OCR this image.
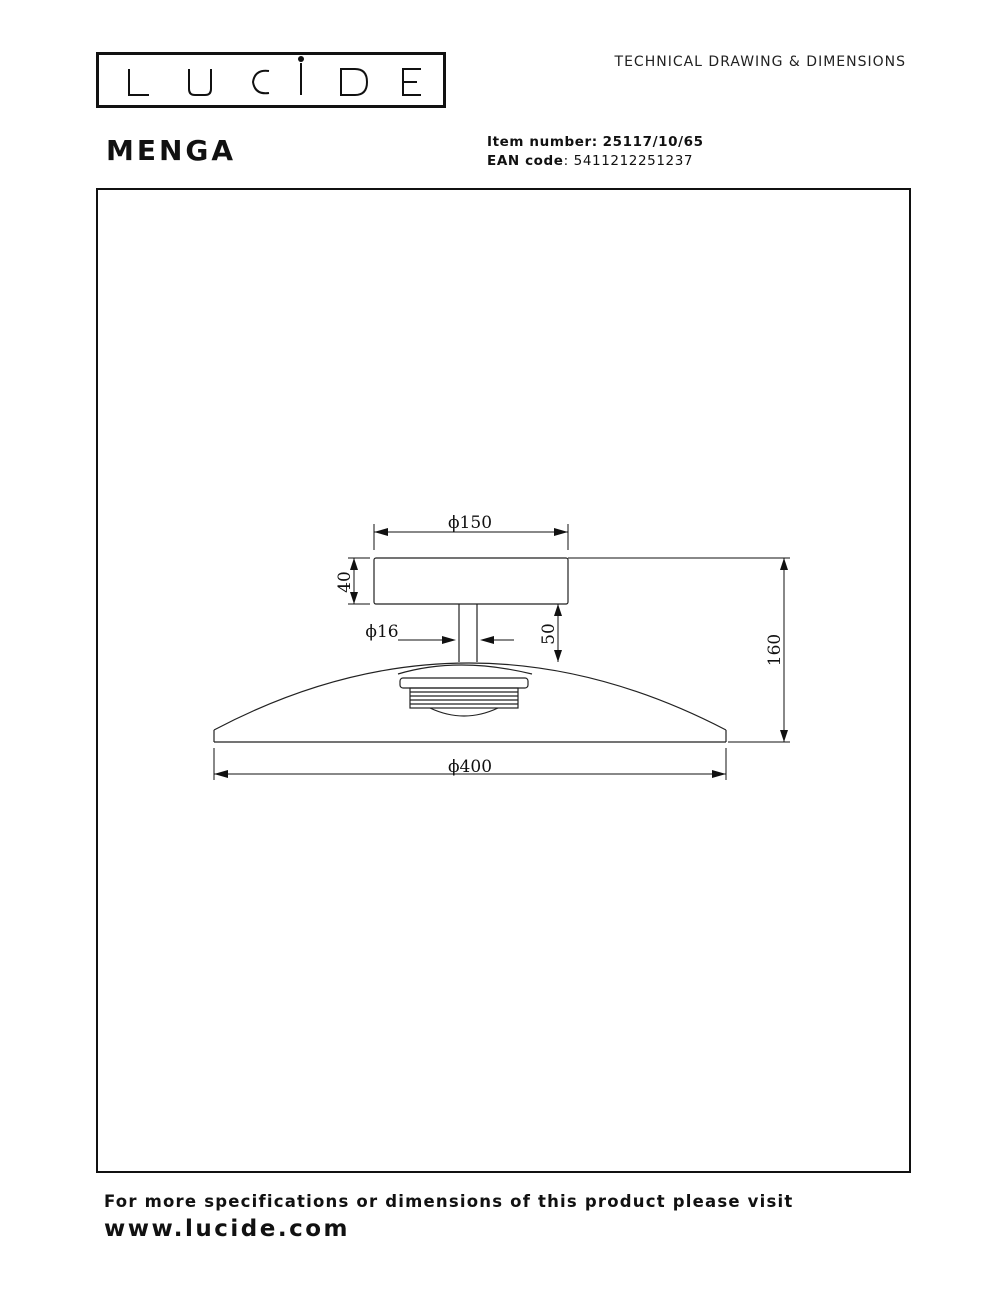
LUCIDE	TECHNICAL DRAWING & DIMENSIONS
MENGA	Item number: 25117/10/65
EAN code: 5411212251237
ϕ150
40
ϕ16	50	160
ϕ400
For more specifications or dimensions of this product please visit
www.lucide.com
